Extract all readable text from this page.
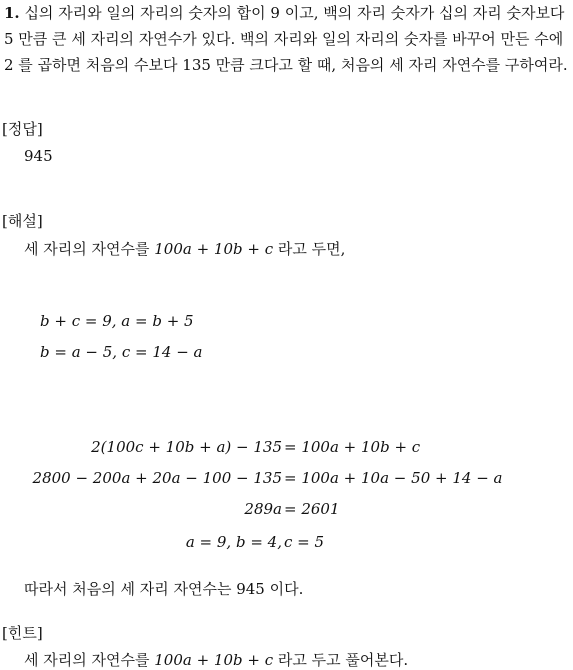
1. 십의 자리와 일의 자리의 숫자의 합이 9 이고, 백의 자리 숫자가 십의 자리 숫자보다 5 만큼 큰 세 자리의 자연수가 있다. 백의 자리와 일의 자리의 숫자를 바꾸어 만든 수에 2 를 곱하면 처음의 수보다 135 만큼 크다고 할 때, 처음의 세 자리 자연수를 구하여라.
[정답]
945
[해설]
세 자리의 자연수를 100a + 10b + c 라고 두면,
b + c = 9, a = b + 5
b = a − 5, c = 14 − a
2(100c + 10b + a) − 135 = 100a + 10b + c
2800 − 200a + 20a − 100 − 135 = 100a + 10a − 50 + 14 − a
289a = 2601
a = 9, b = 4, c = 5
따라서 처음의 세 자리 자연수는 945 이다.
[힌트]
세 자리의 자연수를 100a + 10b + c 라고 두고 풀어본다.
